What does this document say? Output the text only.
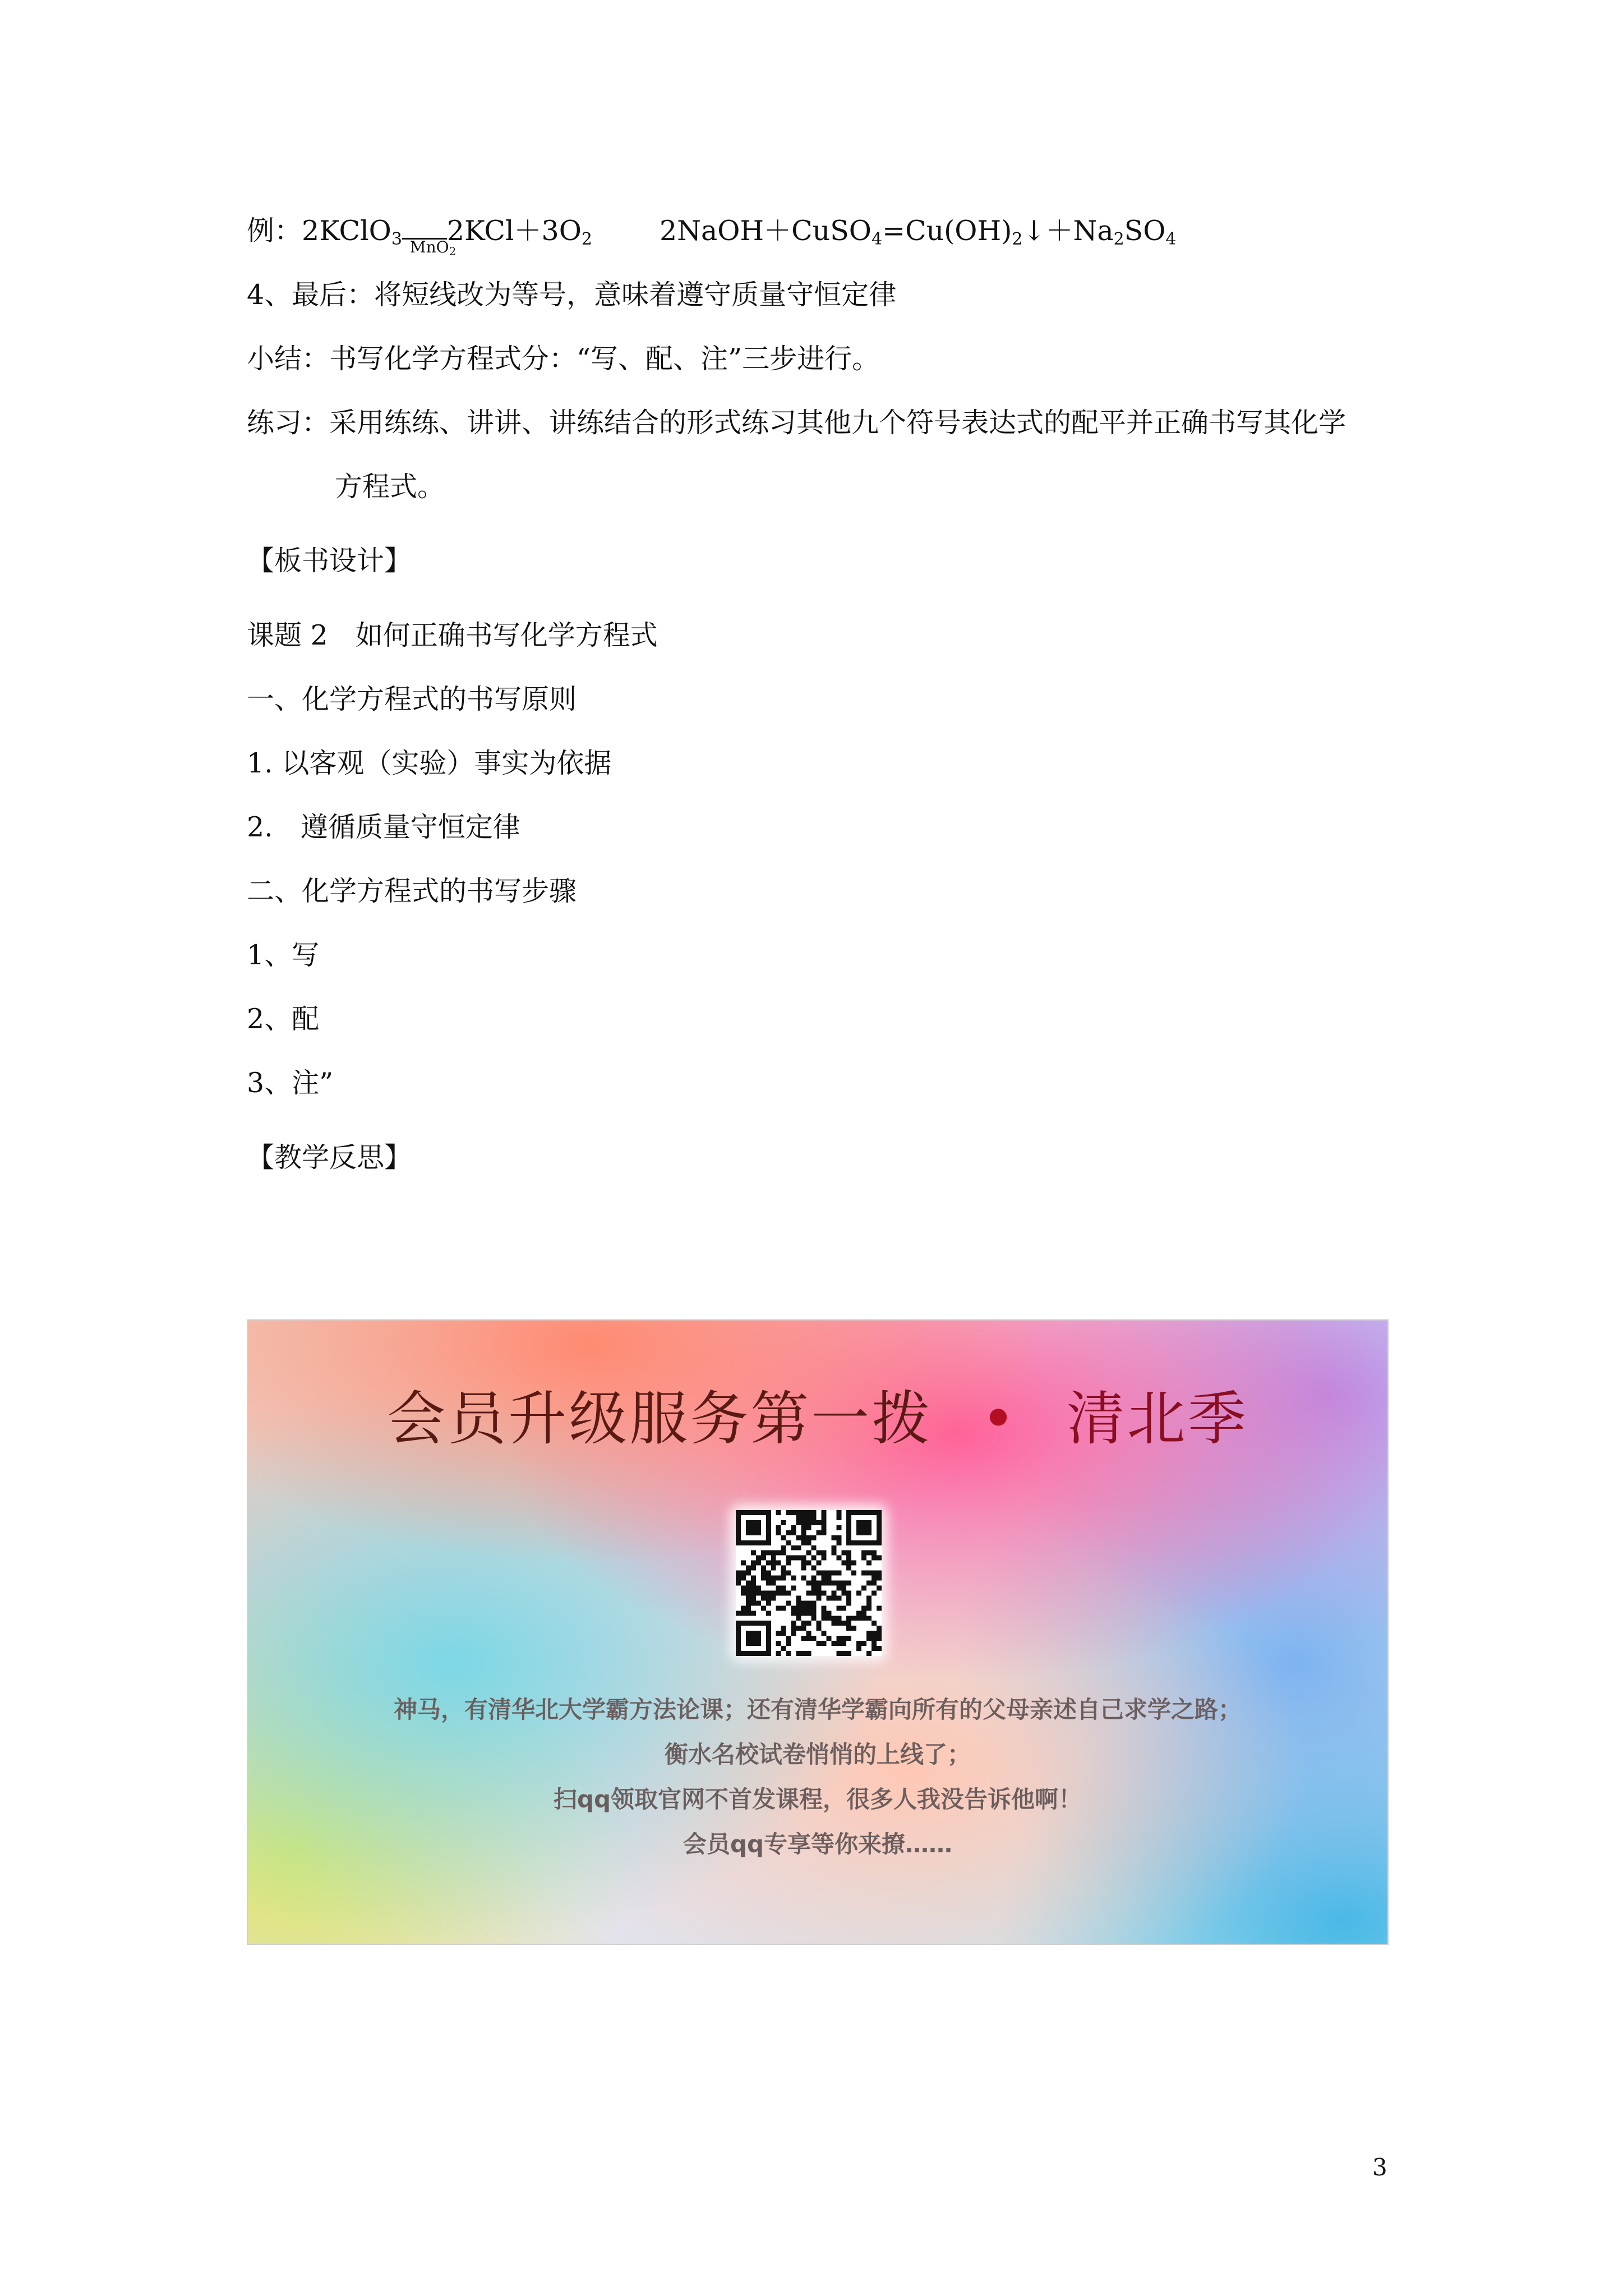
例：2KClO$_3$ MnO$_2$
$2KCl+3O_2$ $2NaOH+CuSO_4=Cu(OH)_2↓+Na_2SO_4$

4、最后：将短线改为等号，意味着遵守质量守恒定律

小结：书写化学方程式分：“写、配、注”三步进行。

练习：采用练练、讲讲、讲练结合的形式练习其他九个符号表达式的配平并正确书写其化学

方程式。

【板书设计】

课题 2　如何正确书写化学方程式

一、化学方程式的书写原则

1. 以客观（实验）事实为依据

2.　遵循质量守恒定律

二、化学方程式的书写步骤

1、写

2、配

3、注”

【教学反思】

会员升级服务第一拨 • 清北季
神马，有清华北大学霸方法论课；还有清华学霸向所有的父母亲述自己求学之路；
衡水名校试卷悄悄的上线了；
扫qq领取官网不首发课程，很多人我没告诉他啊！
会员qq专享等你来撩……
3
